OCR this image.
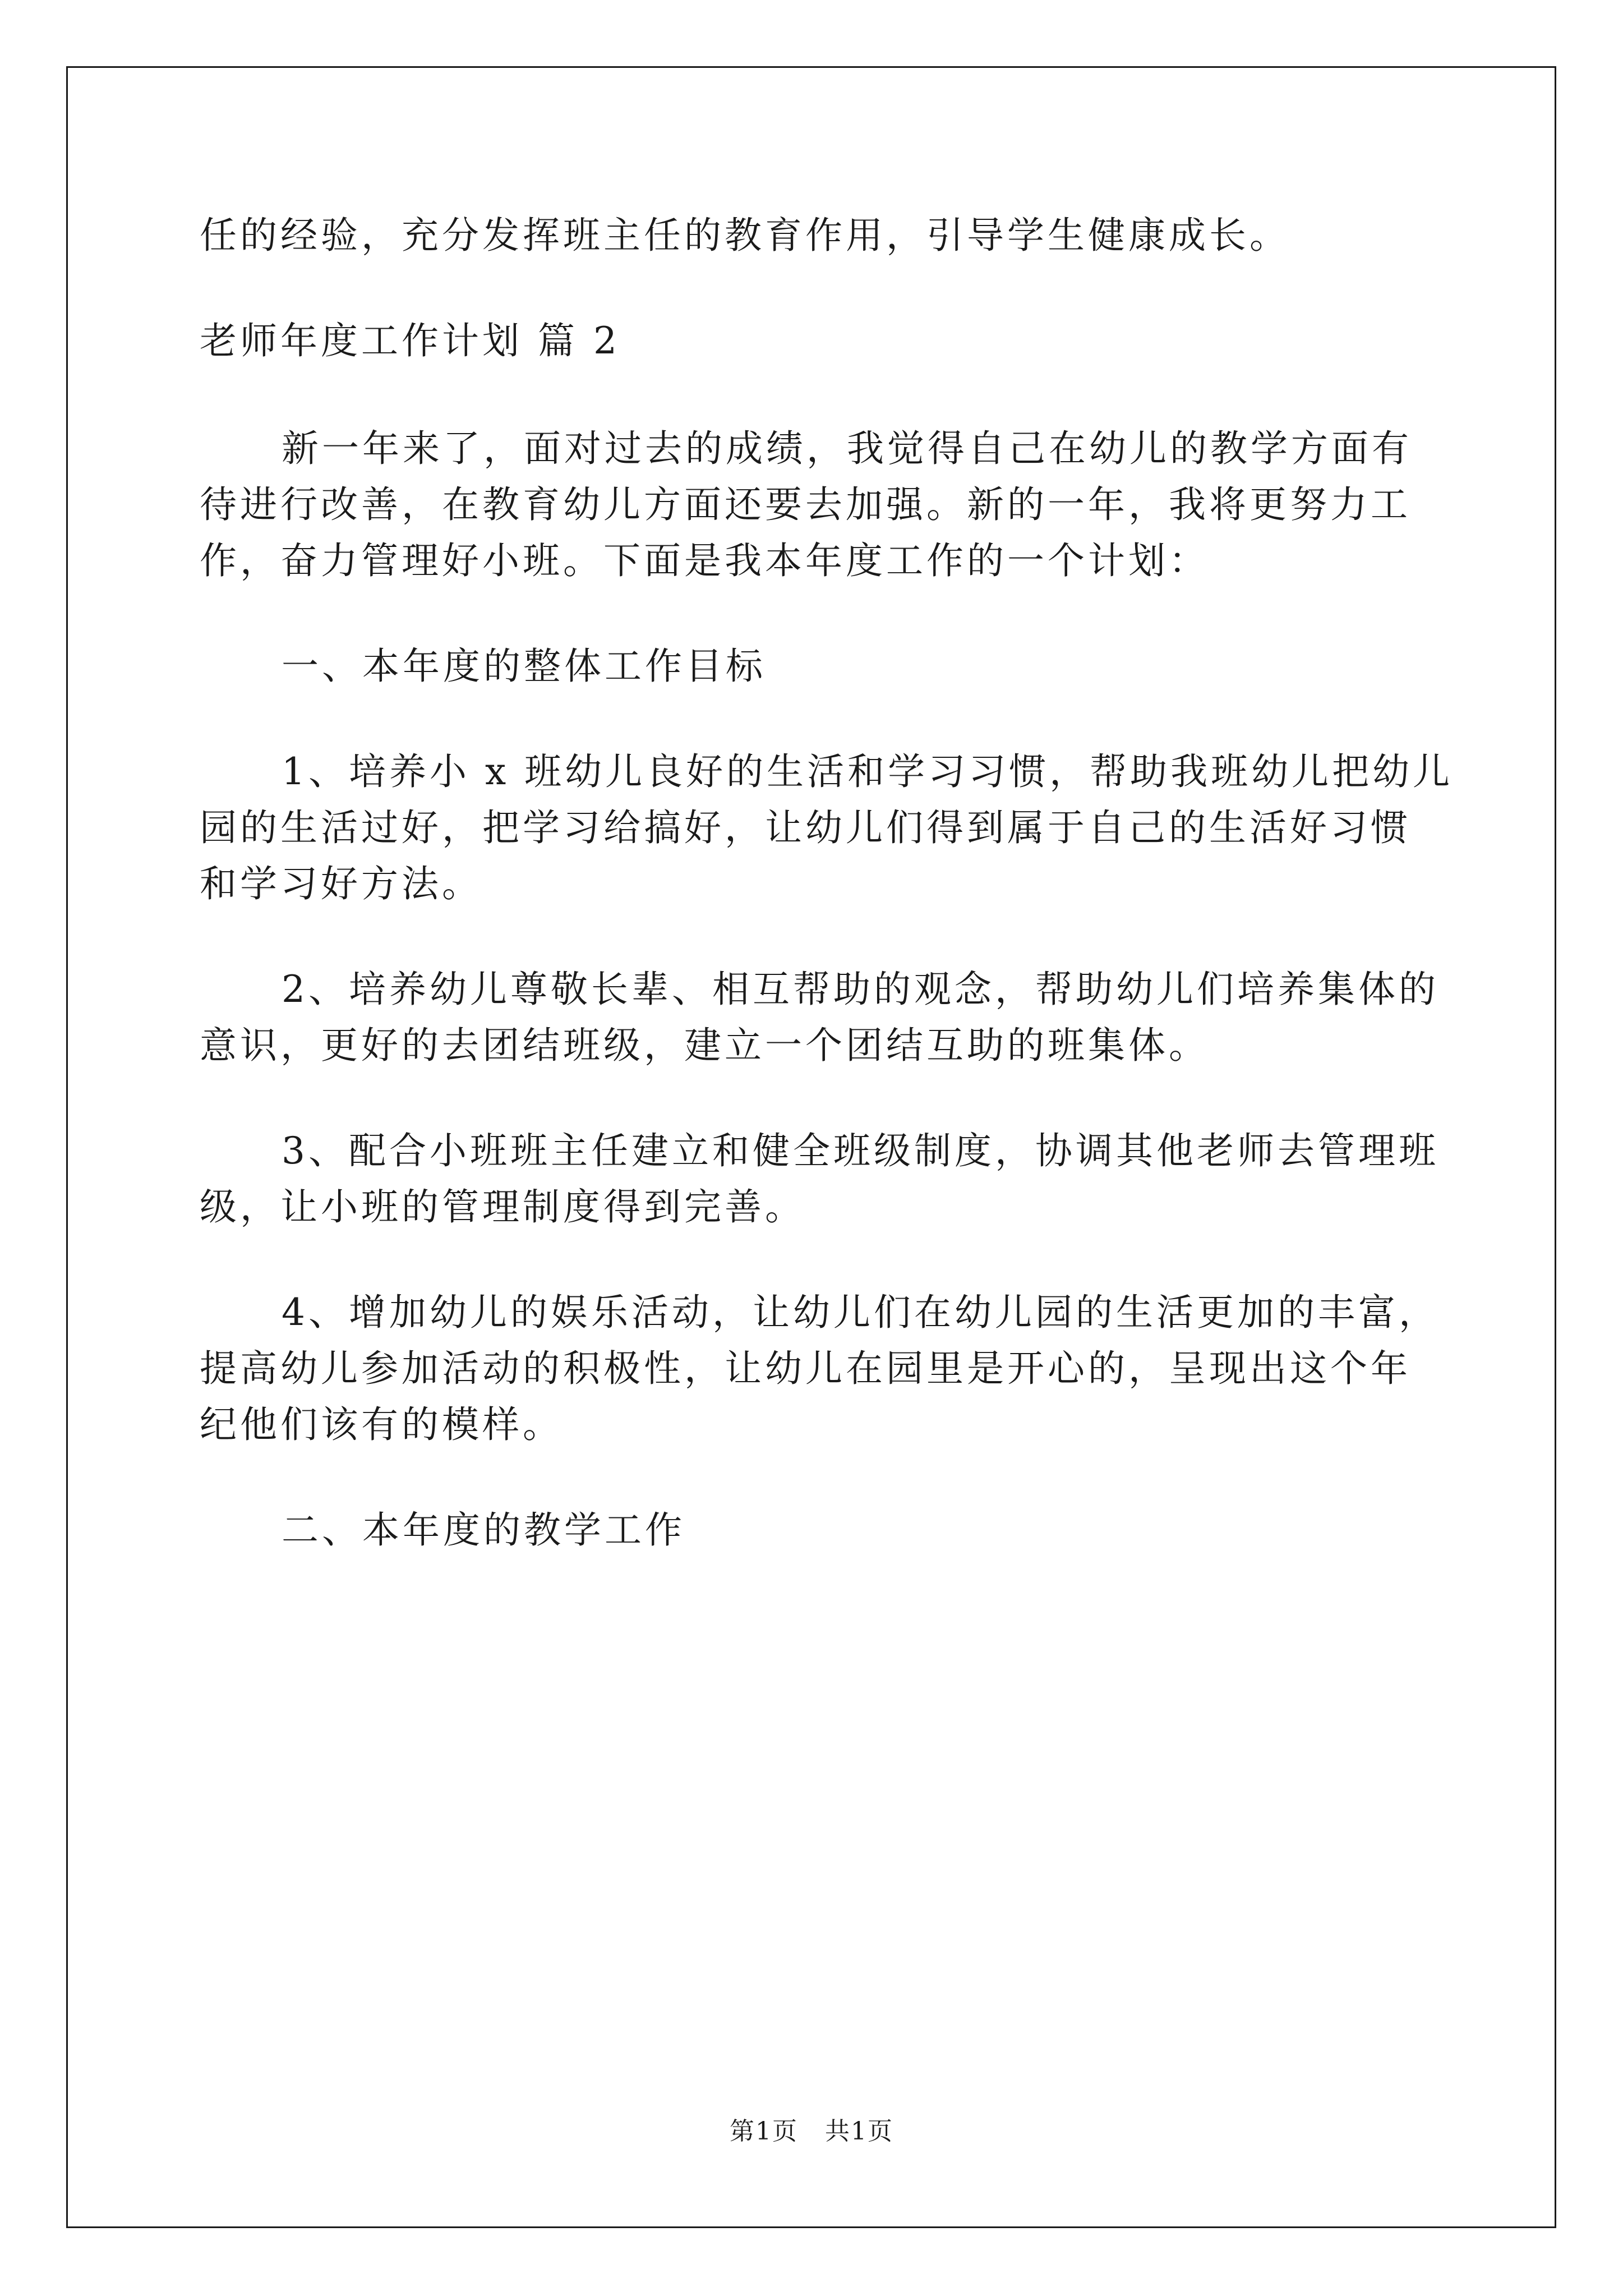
任的经验，充分发挥班主任的教育作用，引导学生健康成长。

老师年度工作计划 篇 2

新一年来了，面对过去的成绩，我觉得自己在幼儿的教学方面有

待进行改善，在教育幼儿方面还要去加强。新的一年，我将更努力工

作，奋力管理好小班。下面是我本年度工作的一个计划：

一、本年度的整体工作目标

1、培养小 x 班幼儿良好的生活和学习习惯，帮助我班幼儿把幼儿

园的生活过好，把学习给搞好，让幼儿们得到属于自己的生活好习惯

和学习好方法。

2、培养幼儿尊敬长辈、相互帮助的观念，帮助幼儿们培养集体的

意识，更好的去团结班级，建立一个团结互助的班集体。

3、配合小班班主任建立和健全班级制度，协调其他老师去管理班

级，让小班的管理制度得到完善。

4、增加幼儿的娱乐活动，让幼儿们在幼儿园的生活更加的丰富，

提高幼儿参加活动的积极性，让幼儿在园里是开心的，呈现出这个年

纪他们该有的模样。

二、本年度的教学工作

第1页 共1页
